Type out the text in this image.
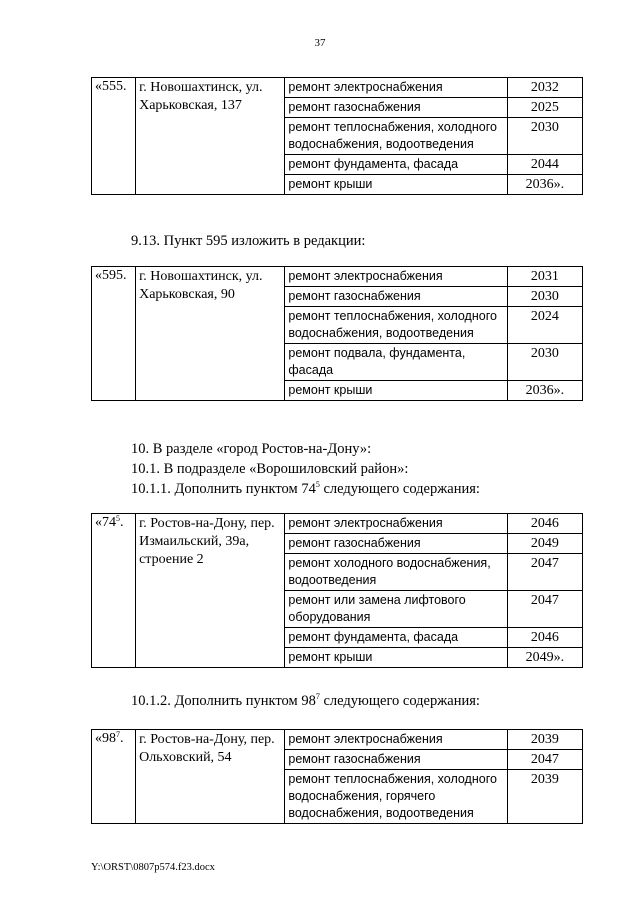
37
«555.	г. Новошахтинск, ул. Харьковская, 137	ремонт электроснабжения	2032
		ремонт газоснабжения	2025
		ремонт теплоснабжения, холодного водоснабжения, водоотведения	2030
		ремонт фундамента, фасада	2044
		ремонт крыши	2036».
9.13. Пункт 595 изложить в редакции:
«595.	г. Новошахтинск, ул. Харьковская, 90	ремонт электроснабжения	2031
		ремонт газоснабжения	2030
		ремонт теплоснабжения, холодного водоснабжения, водоотведения	2024
		ремонт подвала, фундамента, фасада	2030
		ремонт крыши	2036».
10. В разделе «город Ростов-на-Дону»:
10.1. В подразделе «Ворошиловский район»:
10.1.1. Дополнить пунктом $74^5$ следующего содержания:
«$74^5$.	г. Ростов-на-Дону, пер. Измаильский, 39а, строение 2	ремонт электроснабжения	2046
		ремонт газоснабжения	2049
		ремонт холодного водоснабжения, водоотведения	2047
		ремонт или замена лифтового оборудования	2047
		ремонт фундамента, фасада	2046
		ремонт крыши	2049».
10.1.2. Дополнить пунктом $98^7$ следующего содержания:
«$98^7$.	г. Ростов-на-Дону, пер. Ольховский, 54	ремонт электроснабжения	2039
		ремонт газоснабжения	2047
		ремонт теплоснабжения, холодного водоснабжения, горячего водоснабжения, водоотведения	2039
Y:\ORST\0807p574.f23.docx
